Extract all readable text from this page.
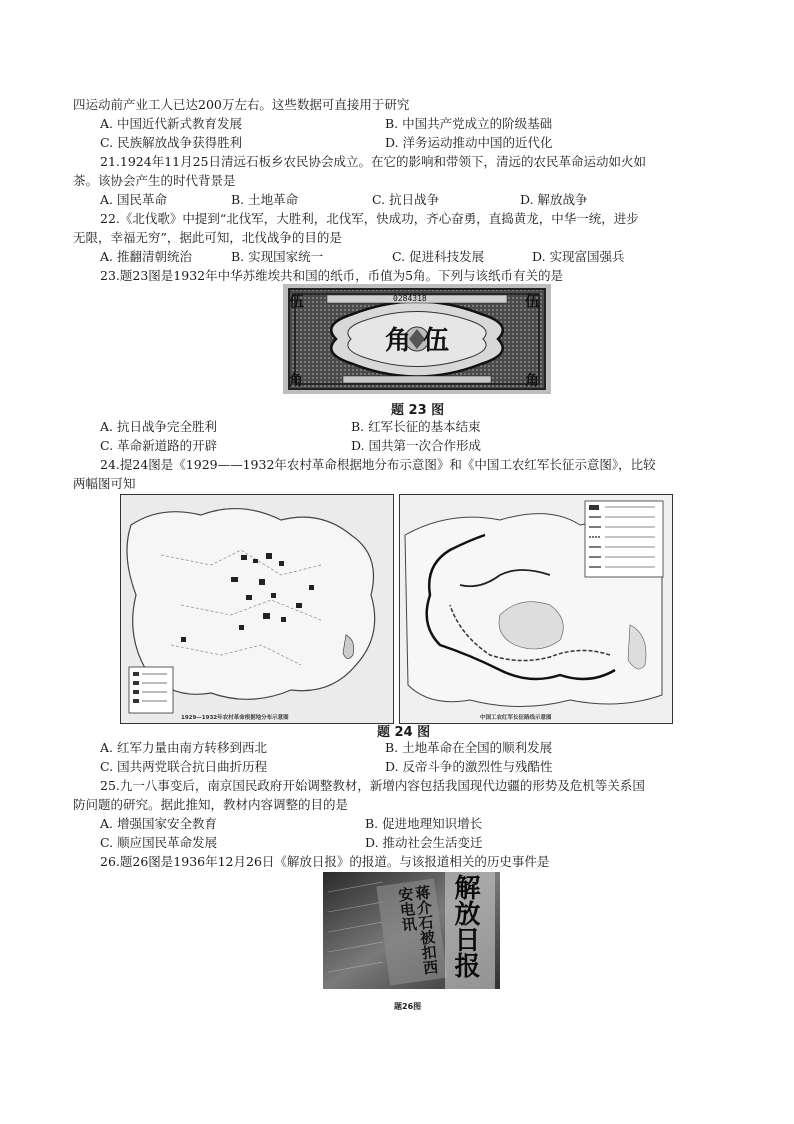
四运动前产业工人已达200万左右。这些数据可直接用于研究
A. 中国近代新式教育发展	B. 中国共产党成立的阶级基础
C. 民族解放战争获得胜利	D. 洋务运动推动中国的近代化
21.1924年11月25日清远石板乡农民协会成立。在它的影响和带领下，清远的农民革命运动如火如
茶。该协会产生的时代背景是
A. 国民革命	B. 土地革命	C. 抗日战争	D. 解放战争
22.《北伐歌》中提到“北伐军，大胜利，北伐军，快成功，齐心奋勇，直捣黄龙，中华一统，进步
无限，幸福无穷”，据此可知，北伐战争的目的是
A. 推翻清朝统治	B. 实现国家统一	C. 促进科技发展	D. 实现富国强兵
23.题23图是1932年中华苏维埃共和国的纸币，币值为5角。下列与该纸币有关的是
伍	伍
角	角
角 伍
0284318
题 23 图
A. 抗日战争完全胜利	B. 红军长征的基本结束
C. 革命新道路的开辟	D. 国共第一次合作形成
24.提24图是《1929——1932年农村革命根据地分布示意图》和《中国工农红军长征示意图》，比较
两幅图可知
1929—1932年农村革命根据地分布示意图	中国工农红军长征路线示意图
题 24 图
A. 红军力量由南方转移到西北	B. 土地革命在全国的顺利发展
C. 国共两党联合抗日曲折历程	D. 反帝斗争的激烈性与残酷性
25.九一八事变后，南京国民政府开始调整教材，新增内容包括我国现代边疆的形势及危机等关系国
防问题的研究。据此推知，教材内容调整的目的是
A. 增强国家安全教育	B. 促进地理知识增长
C. 顺应国民革命发展	D. 推动社会生活变迁
26.题26图是1936年12月26日《解放日报》的报道。与该报道相关的历史事件是
蒋介石被扣西安电讯	解放日报
题26图
